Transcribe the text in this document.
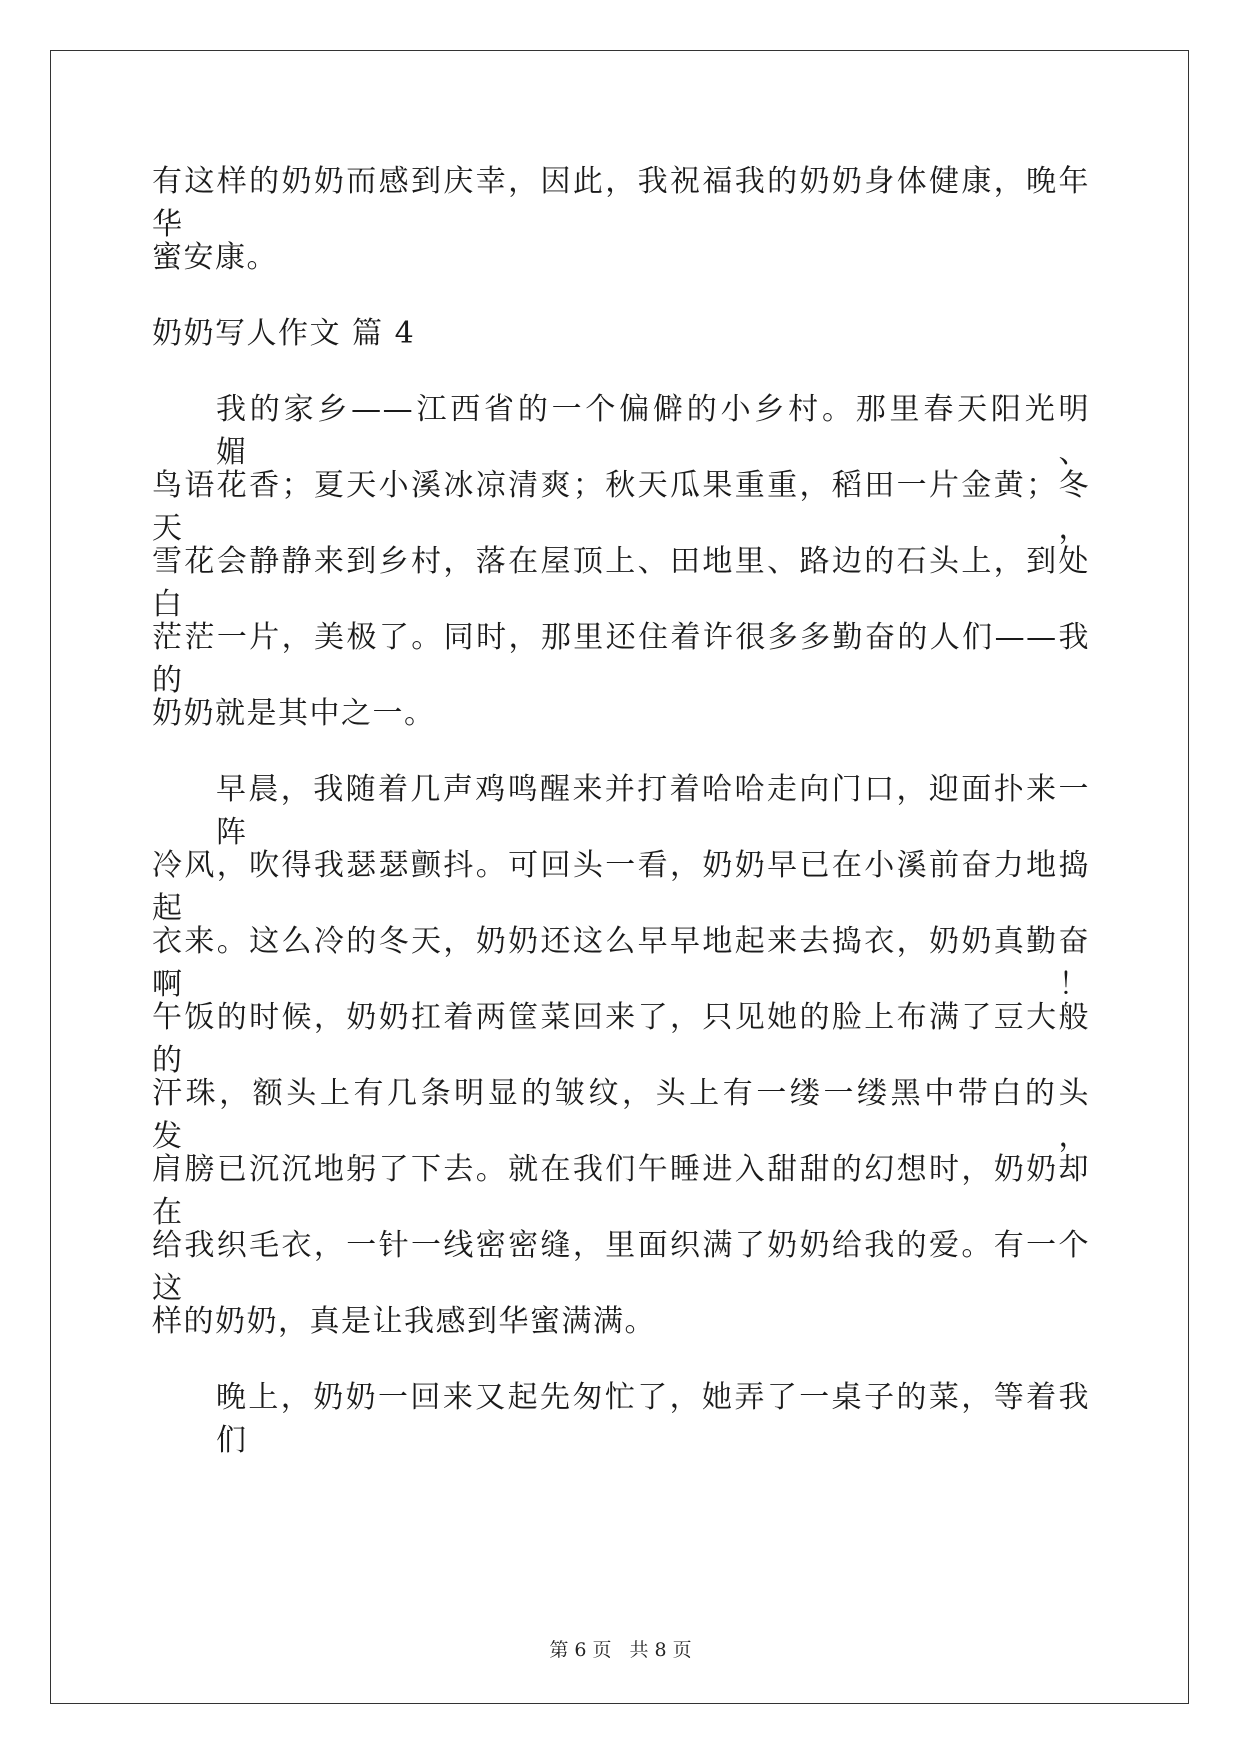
有这样的奶奶而感到庆幸，因此，我祝福我的奶奶身体健康，晚年华
蜜安康。
奶奶写人作文 篇 4
我的家乡——江西省的一个偏僻的小乡村。那里春天阳光明媚、
鸟语花香；夏天小溪冰凉清爽；秋天瓜果重重，稻田一片金黄；冬天，
雪花会静静来到乡村，落在屋顶上、田地里、路边的石头上，到处白
茫茫一片，美极了。同时，那里还住着许很多多勤奋的人们——我的
奶奶就是其中之一。
早晨，我随着几声鸡鸣醒来并打着哈哈走向门口，迎面扑来一阵
冷风，吹得我瑟瑟颤抖。可回头一看，奶奶早已在小溪前奋力地捣起
衣来。这么冷的冬天，奶奶还这么早早地起来去捣衣，奶奶真勤奋啊！
午饭的时候，奶奶扛着两筐菜回来了，只见她的脸上布满了豆大般的
汗珠，额头上有几条明显的皱纹，头上有一缕一缕黑中带白的头发，
肩膀已沉沉地躬了下去。就在我们午睡进入甜甜的幻想时，奶奶却在
给我织毛衣，一针一线密密缝，里面织满了奶奶给我的爱。有一个这
样的奶奶，真是让我感到华蜜满满。
晚上，奶奶一回来又起先匆忙了，她弄了一桌子的菜，等着我们
第 6 页 共 8 页
